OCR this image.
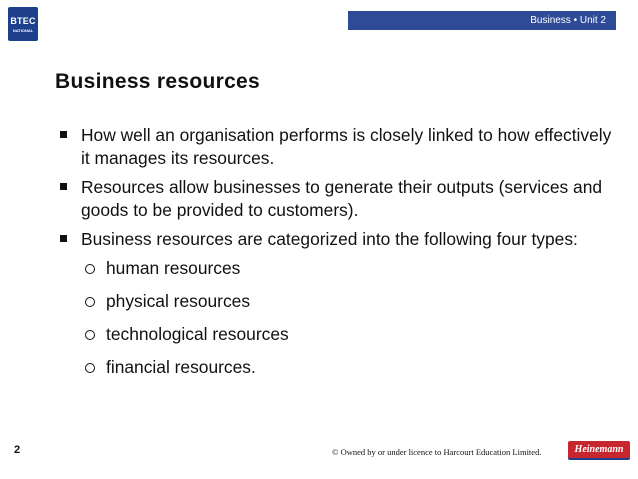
BTEC
NATIONAL
Business • Unit 2
Business resources
How well an organisation performs is closely linked to how effectively it manages its resources.
Resources allow businesses to generate their outputs (services and goods to be provided to customers).
Business resources are categorized into the following four types:
human resources
physical resources
technological resources
financial resources.
2	© Owned by or under licence to Harcourt Education Limited.	Heinemann
